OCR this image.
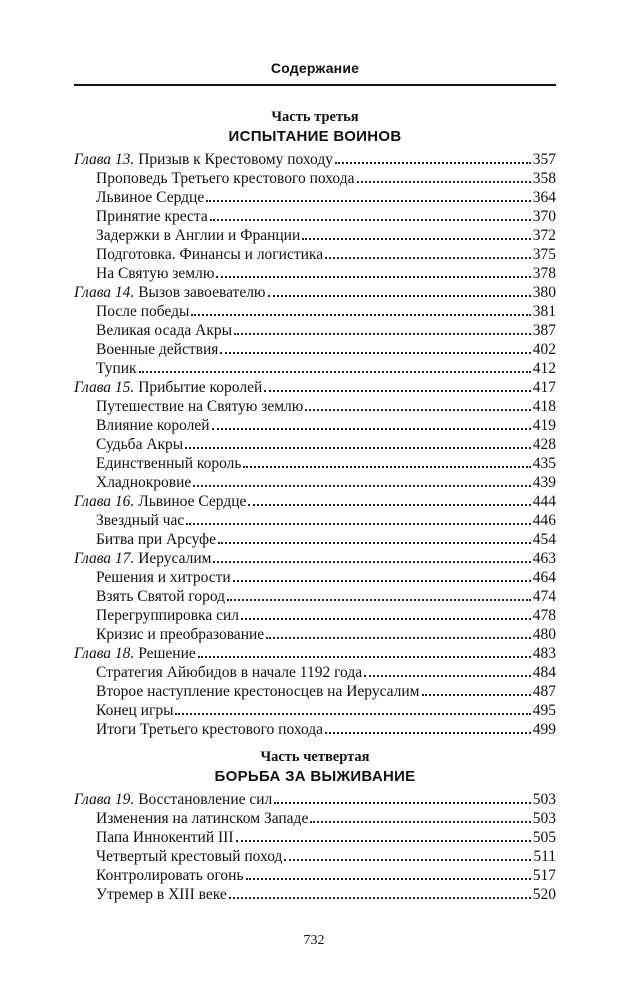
Содержание
Часть третья
ИСПЫТАНИЕ ВОИНОВ
Глава 13. Призыв к Крестовому походу	357
Проповедь Третьего крестового похода	358
Львиное Сердце	364
Принятие креста	370
Задержки в Англии и Франции	372
Подготовка. Финансы и логистика	375
На Святую землю	378
Глава 14. Вызов завоевателю	380
После победы	381
Великая осада Акры	387
Военные действия	402
Тупик	412
Глава 15. Прибытие королей	417
Путешествие на Святую землю	418
Влияние королей	419
Судьба Акры	428
Единственный король	435
Хладнокровие	439
Глава 16. Львиное Сердце	444
Звездный час	446
Битва при Арсуфе	454
Глава 17. Иерусалим	463
Решения и хитрости	464
Взять Святой город	474
Перегруппировка сил	478
Кризис и преобразование	480
Глава 18. Решение	483
Стратегия Айюбидов в начале 1192 года	484
Второе наступление крестоносцев на Иерусалим	487
Конец игры	495
Итоги Третьего крестового похода	499
Часть четвертая
БОРЬБА ЗА ВЫЖИВАНИЕ
Глава 19. Восстановление сил	503
Изменения на латинском Западе	503
Папа Иннокентий III	505
Четвертый крестовый поход	511
Контролировать огонь	517
Утремер в XIII веке	520
732
